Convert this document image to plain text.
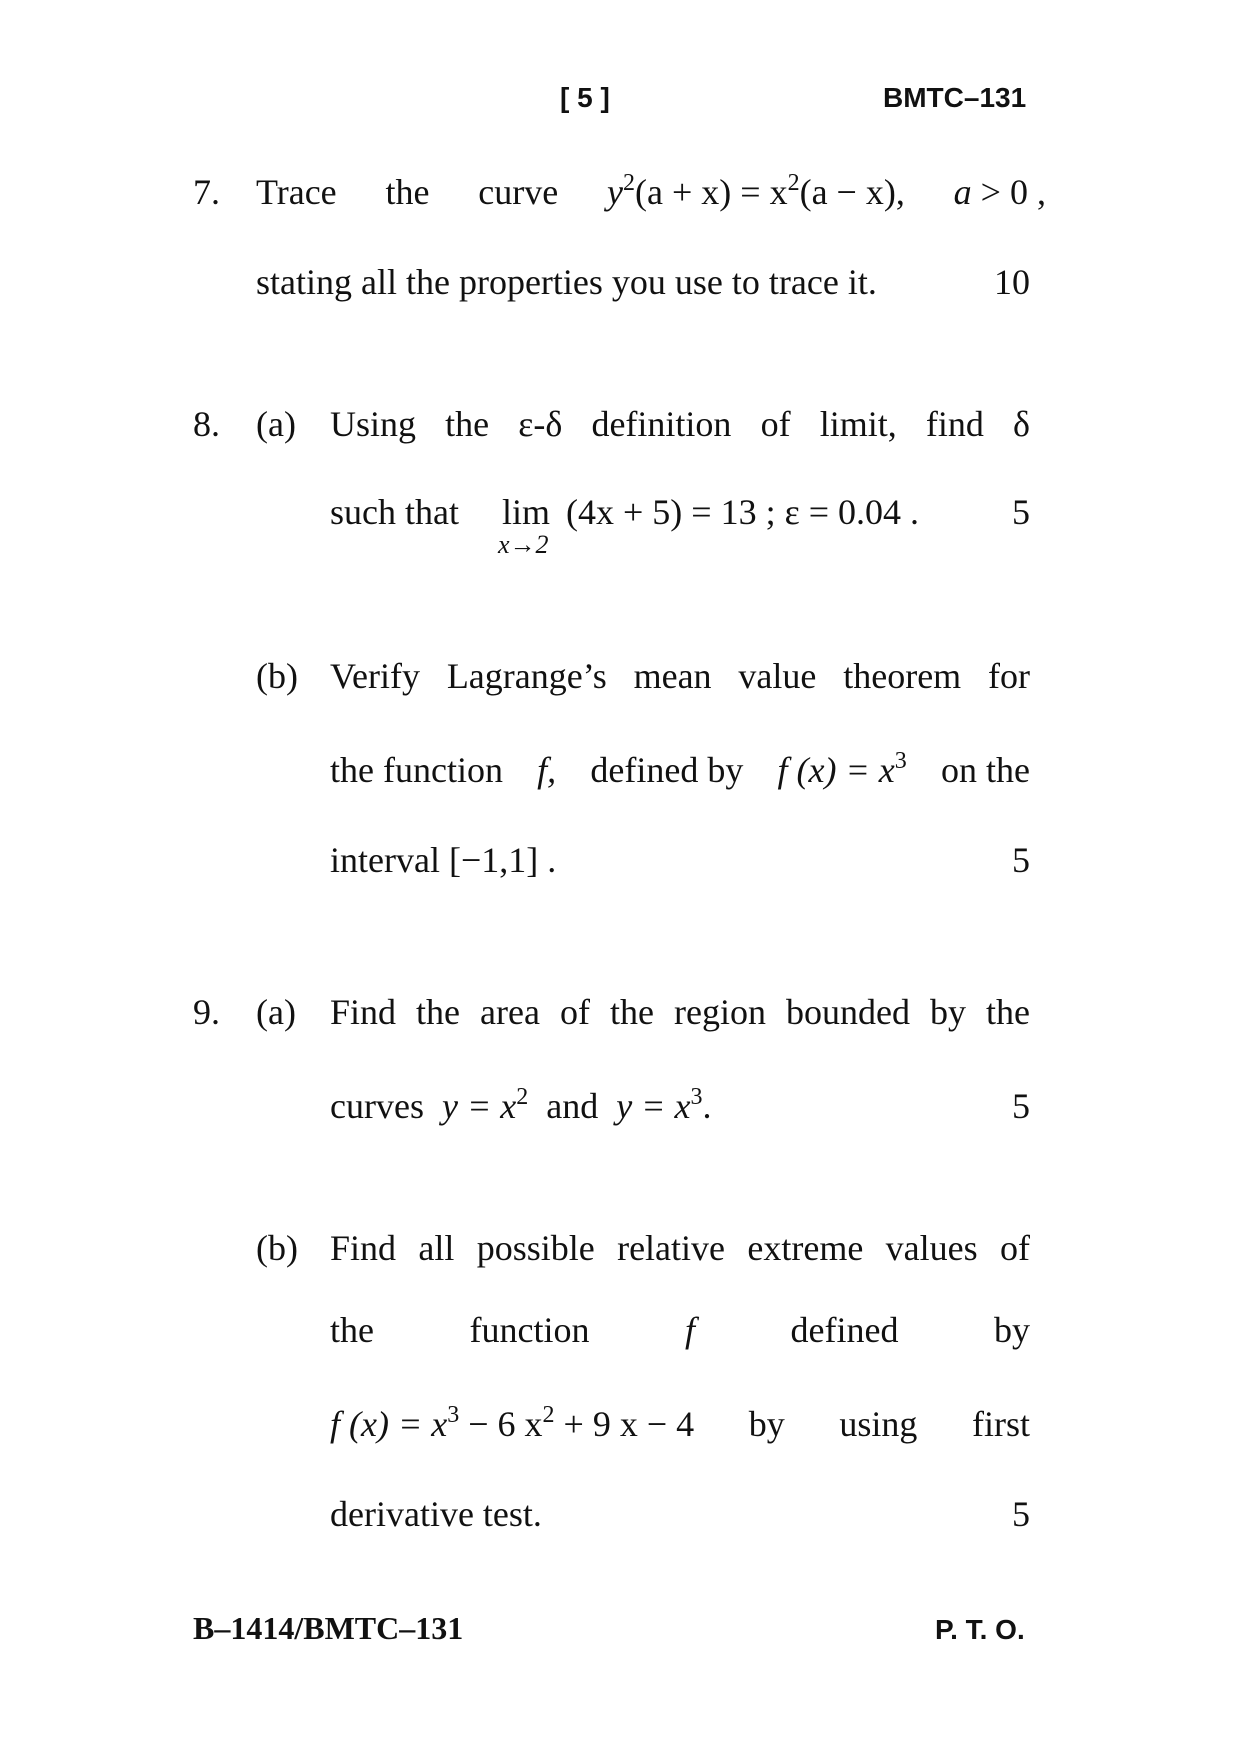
[ 5 ]	BMTC–131
7. Trace the curve $y^2(a + x) = x^2(a - x)$, a > 0 ,
stating all the properties you use to trace it.	10
8. (a) Using the ε-δ definition of limit, find δ
such that lim
x→2
(4x + 5) = 13 ; ε = 0.04 .	5
(b) Verify Lagrange’s mean value theorem for
the function f, defined by f $(x) = x^3$ on the
interval [−1,1] .	5
9. (a) Find the area of the region bounded by the
curves $y = x^2$ and $y = x^3$.	5
(b) Find all possible relative extreme values of
the	function	f	defined	by
f $(x) = x^3 - 6$ $x^2 + 9$ x − 4 by using first
derivative test.	5
B–1414/BMTC–131	P. T. O.
